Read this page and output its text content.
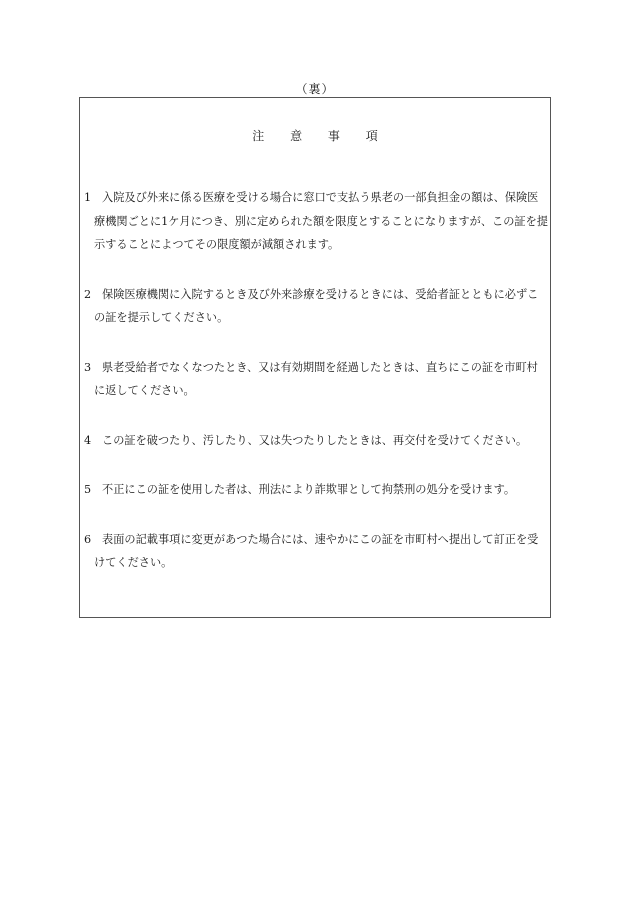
（裏）
注 意 事 項
1 入院及び外来に係る医療を受ける場合に窓口で支払う県老の一部負担金の額は、保険医療機関ごとに1ケ月につき、別に定められた額を限度とすることになりますが、この証を提示することによつてその限度額が減額されます。
2 保険医療機関に入院するとき及び外来診療を受けるときには、受給者証とともに必ずこの証を提示してください。
3 県老受給者でなくなつたとき、又は有効期間を経過したときは、直ちにこの証を市町村に返してください。
4 この証を破つたり、汚したり、又は失つたりしたときは、再交付を受けてください。
5 不正にこの証を使用した者は、刑法により詐欺罪として拘禁刑の処分を受けます。
6 表面の記載事項に変更があつた場合には、速やかにこの証を市町村へ提出して訂正を受けてください。
